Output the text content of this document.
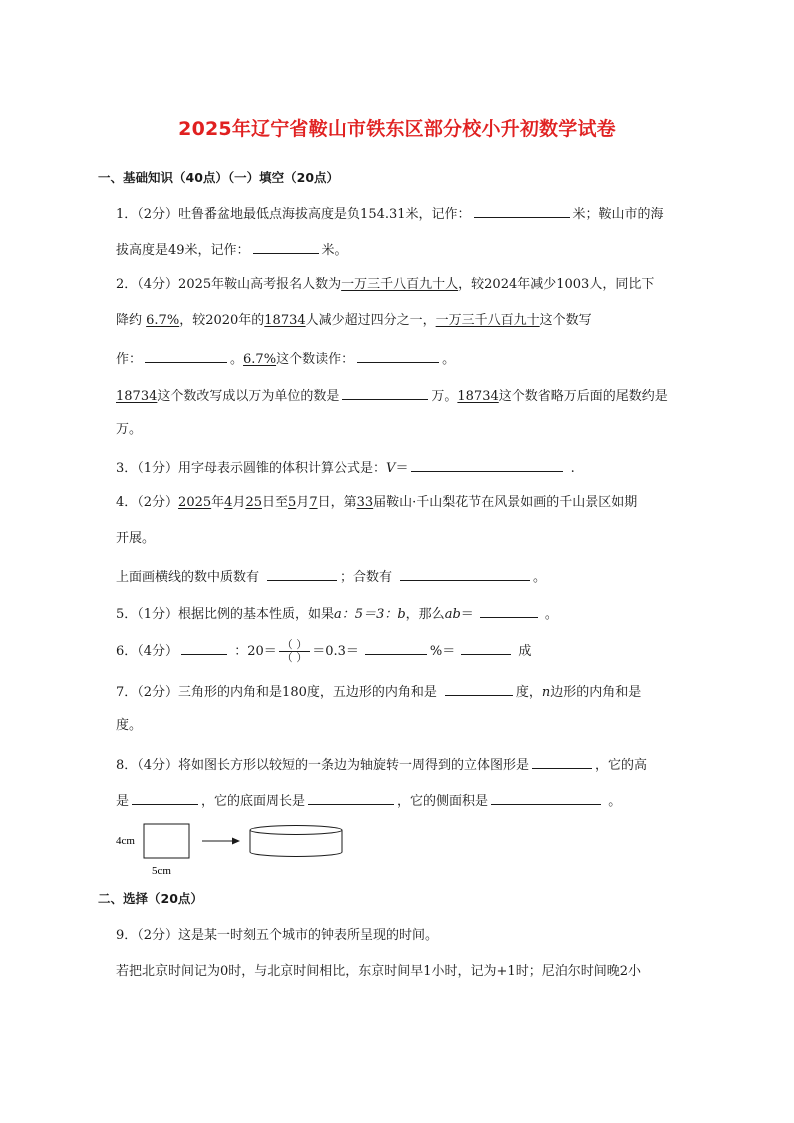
2025年辽宁省鞍山市铁东区部分校小升初数学试卷
一、基础知识（40点）（一）填空（20点）
1．（2分）吐鲁番盆地最低点海拔高度是负154.31米，记作：	米；鞍山市的海
拔高度是49米，记作：	米。
2．（4分）2025年鞍山高考报名人数为一万三千八百九十人，较2024年减少1003人，同比下
降约 6.7%，较2020年的18734人减少超过四分之一，一万三千八百九十这个数写
作：	。6.7%这个数读作：	。
18734这个数改写成以万为单位的数是	万。18734这个数省略万后面的尾数约是
万。
3．（1分）用字母表示圆锥的体积计算公式是：V＝	.
4．（2分）2025年4月25日至5月7日，第33届鞍山·千山梨花节在风景如画的千山景区如期
开展。
上面画横线的数中质数有	；合数有	。
5．（1分）根据比例的基本性质，如果a：5＝3：b，那么ab＝	。
6．（4分）	：$20= \frac{( )}{( )} =0.3=$	%＝	成
7．（2分）三角形的内角和是180度，五边形的内角和是	度，n边形的内角和是
度。
8．（4分）将如图长方形以较短的一条边为轴旋转一周得到的立体图形是	，它的高
是	，它的底面周长是	，它的侧面积是	。
4cm
5cm
二、选择（20点）
9．（2分）这是某一时刻五个城市的钟表所呈现的时间。
若把北京时间记为0时，与北京时间相比，东京时间早1小时，记为+1时；尼泊尔时间晚2小
